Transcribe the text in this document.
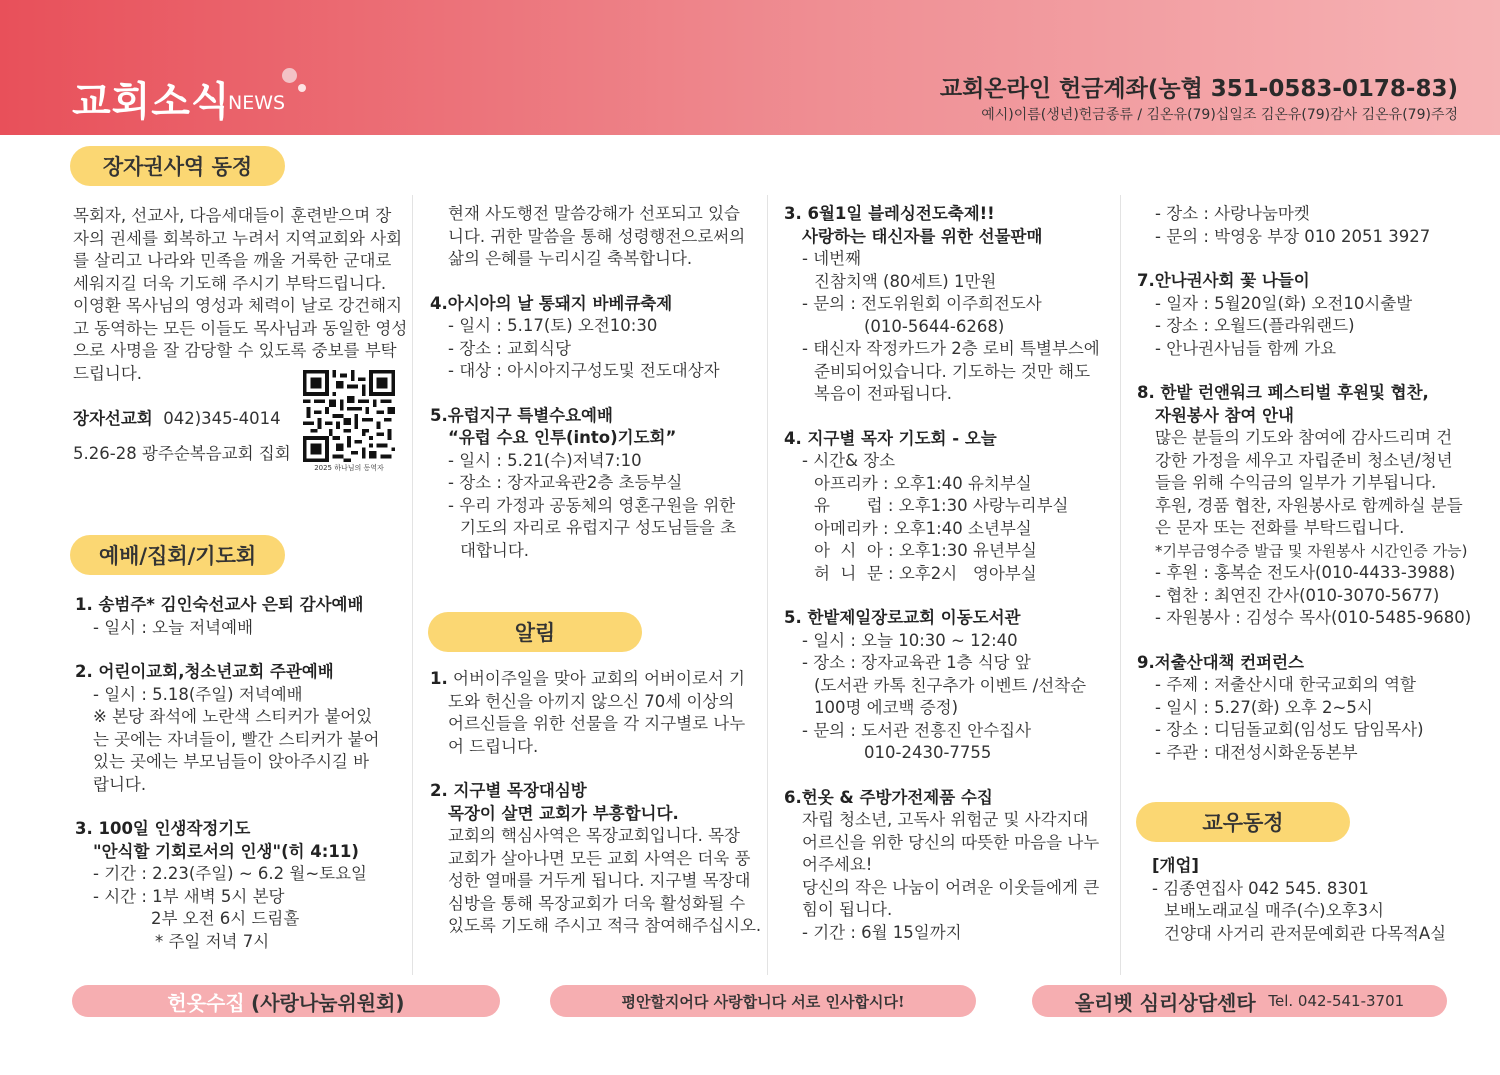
교회소식
NEWS
교회온라인 헌금계좌(농협 351-0583-0178-83)
예시)이름(생년)헌금종류 / 김온유(79)십일조 김온유(79)감사 김온유(79)주정
장자권사역 동정

목회자, 선교사, 다음세대들이 훈련받으며 장

자의 권세를 회복하고 누려서 지역교회와 사회

를 살리고 나라와 민족을 깨울 거룩한 군대로

세워지길 더욱 기도해 주시기 부탁드립니다.

이영환 목사님의 영성과 체력이 날로 강건해지

고 동역하는 모든 이들도 목사님과 동일한 영성

으로 사명을 잘 감당할 수 있도록 중보를 부탁

드립니다.

장자선교회 042)345-4014

5.26-28 광주순복음교회 집회

2025 하나님의 동역자
예배/집회/기도회

1. 송범주* 김인숙선교사 은퇴 감사예배

- 일시 : 오늘 저녁예배

2. 어린이교회,청소년교회 주관예배

- 일시 : 5.18(주일) 저녁예배

※ 본당 좌석에 노란색 스티커가 붙어있

는 곳에는 자녀들이, 빨간 스티커가 붙어

있는 곳에는 부모님들이 앉아주시길 바

랍니다.

3. 100일 인생작정기도

"안식할 기회로서의 인생"(히 4:11)

- 기간 : 2.23(주일) ~ 6.2 월~토요일

- 시간 : 1부 새벽 5시 본당

2부 오전 6시 드림홀

* 주일 저녁 7시

현재 사도행전 말씀강해가 선포되고 있습

니다. 귀한 말씀을 통해 성령행전으로써의

삶의 은혜를 누리시길 축복합니다.

4.아시아의 날 통돼지 바베큐축제

- 일시 : 5.17(토) 오전10:30

- 장소 : 교회식당

- 대상 : 아시아지구성도및 전도대상자

5.유럽지구 특별수요예배

“유럽 수요 인투(into)기도회”

- 일시 : 5.21(수)저녁7:10

- 장소 : 장자교육관2층 초등부실

- 우리 가정과 공동체의 영혼구원을 위한

기도의 자리로 유럽지구 성도님들을 초

대합니다.

알림

1. 어버이주일을 맞아 교회의 어버이로서 기

도와 헌신을 아끼지 않으신 70세 이상의

어르신들을 위한 선물을 각 지구별로 나누

어 드립니다.

2. 지구별 목장대심방

목장이 살면 교회가 부흥합니다.

교회의 핵심사역은 목장교회입니다. 목장

교회가 살아나면 모든 교회 사역은 더욱 풍

성한 열매를 거두게 됩니다. 지구별 목장대

심방을 통해 목장교회가 더욱 활성화될 수

있도록 기도해 주시고 적극 참여해주십시오.

3. 6월1일 블레싱전도축제!!

사랑하는 태신자를 위한 선물판매

- 네번째

진참치액 (80세트) 1만원

- 문의 : 전도위원회 이주희전도사

(010-5644-6268)

- 태신자 작정카드가 2층 로비 특별부스에

준비되어있습니다. 기도하는 것만 해도

복음이 전파됩니다.

4. 지구별 목자 기도회 - 오늘

- 시간& 장소

아프리카 : 오후1:40 유치부실

유       럽 : 오후1:30 사랑누리부실

아메리카 : 오후1:40 소년부실

아  시  아 : 오후1:30 유년부실

허  니  문 : 오후2시   영아부실

5. 한밭제일장로교회 이동도서관

- 일시 : 오늘 10:30 ~ 12:40

- 장소 : 장자교육관 1층 식당 앞

(도서관 카톡 친구추가 이벤트 /선착순

100명 에코백 증정)

- 문의 : 도서관 전흥진 안수집사

010-2430-7755

6.헌옷 & 주방가전제품 수집

자립 청소년, 고독사 위험군 및 사각지대

어르신을 위한 당신의 따뜻한 마음을 나누

어주세요!

당신의 작은 나눔이 어려운 이웃들에게 큰

힘이 됩니다.

- 기간 : 6월 15일까지

- 장소 : 사랑나눔마켓

- 문의 : 박영웅 부장 010 2051 3927

7.안나권사회 꽃 나들이

- 일자 : 5월20일(화) 오전10시출발

- 장소 : 오월드(플라워랜드)

- 안나권사님들 함께 가요

8. 한밭 런앤워크 페스티벌 후원및 협찬,

자원봉사 참여 안내

많은 분들의 기도와 참여에 감사드리며 건

강한 가정을 세우고 자립준비 청소년/청년

들을 위해 수익금의 일부가 기부됩니다.

후원, 경품 협찬, 자원봉사로 함께하실 분들

은 문자 또는 전화를 부탁드립니다.

*기부금영수증 발급 및 자원봉사 시간인증 가능)

- 후원 : 홍복순 전도사(010-4433-3988)

- 협찬 : 최연진 간사(010-3070-5677)

- 자원봉사 : 김성수 목사(010-5485-9680)

9.저출산대책 컨퍼런스

- 주제 : 저출산시대 한국교회의 역할

- 일시 : 5.27(화) 오후 2~5시

- 장소 : 디딤돌교회(임성도 담임목사)

- 주관 : 대전성시화운동본부

교우동정

[개업]

- 김종연집사 042 545. 8301

보배노래교실 매주(수)오후3시

건양대 사거리 관저문예회관 다목적A실

헌옷수집
(사랑나눔위원회)	평안할지어다 사랑합니다 서로 인사합시다!	올리벳 심리상담센타
Tel. 042-541-3701
